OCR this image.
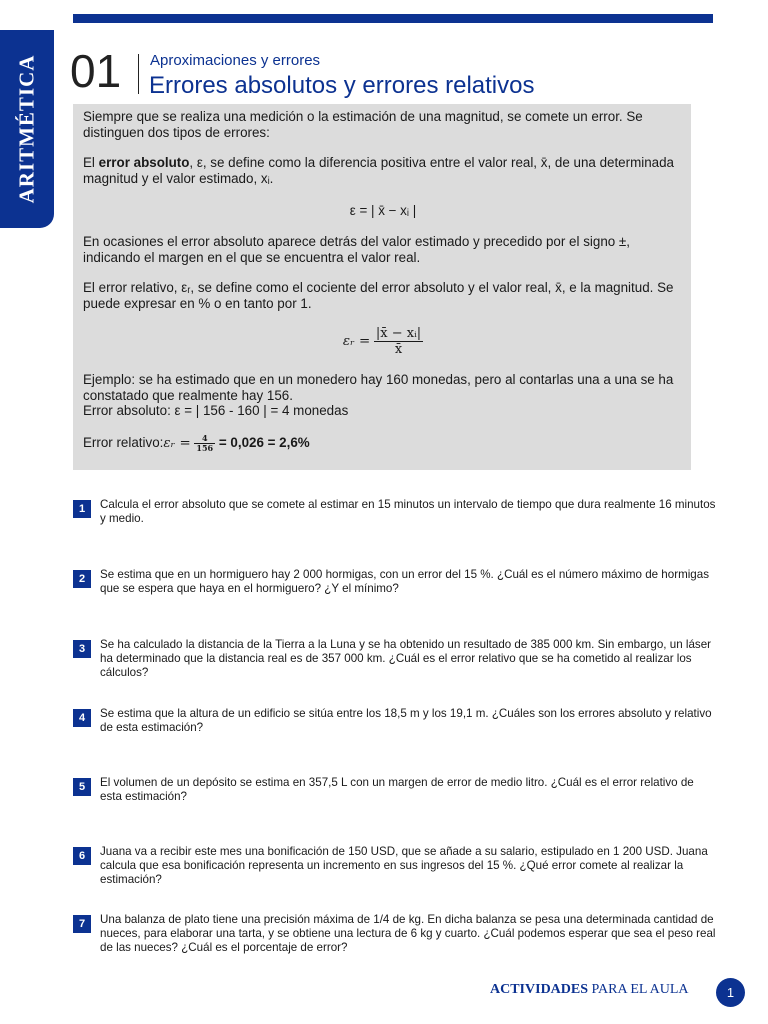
ARITMÉTICA 01 Aproximaciones y errores
Errores absolutos y errores relativos

Siempre que se realiza una medición o la estimación de una magnitud, se comete un error. Se distinguen dos tipos de errores:

El error absoluto, ε, se define como la diferencia positiva entre el valor real, x̄, de una determinada magnitud y el valor estimado, xᵢ.

ε = | x̄ − xᵢ |

En ocasiones el error absoluto aparece detrás del valor estimado y precedido por el signo ±, indicando el margen en el que se encuentra el valor real.

El error relativo, εᵣ, se define como el cociente del error absoluto y el valor real, x̄, e la magnitud. Se puede expresar en % o en tanto por 1.

εᵣ = $\frac{\text{|x̄ − xᵢ|}}{x̄}$

Ejemplo: se ha estimado que en un monedero hay 160 monedas, pero al contarlas una a una se ha constatado que realmente hay 156.

Error absoluto: ε = | 156 - 160 | = 4 monedas

Error relativo:εᵣ = $\frac{4}{156} = 0,026 = 2,6\%$

1	Calcula el error absoluto que se comete al estimar en 15 minutos un intervalo de tiempo que dura realmente 16 minutos y medio.
2	Se estima que en un hormiguero hay 2 000 hormigas, con un error del 15 %. ¿Cuál es el número máximo de hormigas que se espera que haya en el hormiguero? ¿Y el mínimo?
3	Se ha calculado la distancia de la Tierra a la Luna y se ha obtenido un resultado de 385 000 km. Sin embargo, un láser ha determinado que la distancia real es de 357 000 km. ¿Cuál es el error relativo que se ha cometido al realizar los cálculos?
4	Se estima que la altura de un edificio se sitúa entre los 18,5 m y los 19,1 m. ¿Cuáles son los errores absoluto y relativo de esta estimación?
5	El volumen de un depósito se estima en 357,5 L con un margen de error de medio litro. ¿Cuál es el error relativo de esta estimación?
6	Juana va a recibir este mes una bonificación de 150 USD, que se añade a su salario, estipulado en 1 200 USD. Juana calcula que esa bonificación representa un incremento en sus ingresos del 15 %. ¿Qué error comete al realizar la estimación?
7	Una balanza de plato tiene una precisión máxima de 1/4 de kg. En dicha balanza se pesa una determinada cantidad de nueces, para elaborar una tarta, y se obtiene una lectura de 6 kg y cuarto. ¿Cuál podemos esperar que sea el peso real de las nueces? ¿Cuál es el porcentaje de error?
ACTIVIDADES PARA EL AULA	1
